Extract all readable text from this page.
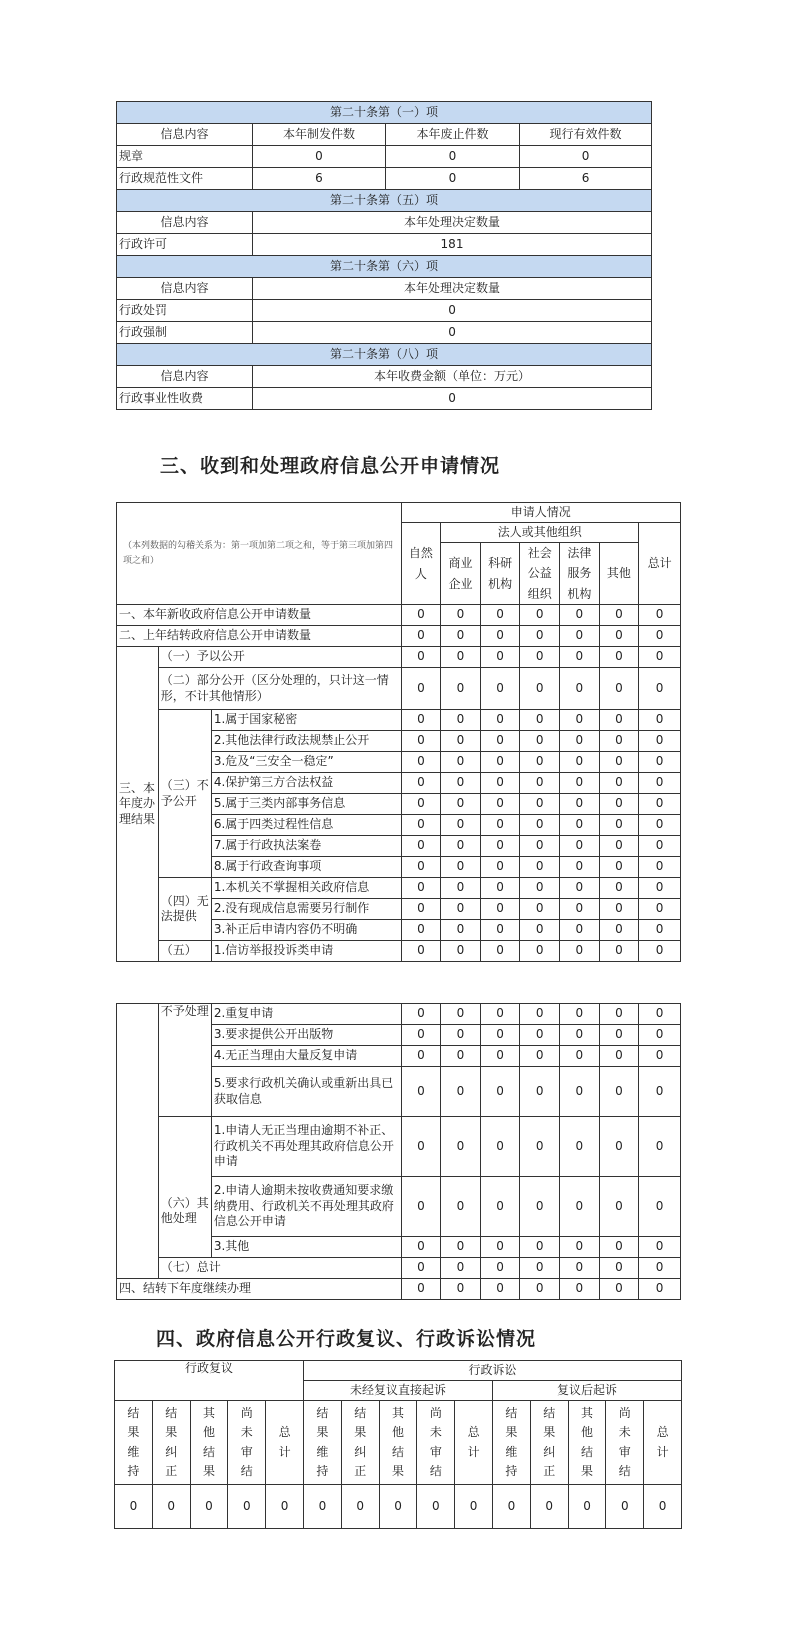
第二十条第（一）项			
信息内容	本年制发件数	本年废止件数	现行有效件数
规章	0	0	0
行政规范性文件	6	0	6
第二十条第（五）项			
信息内容	本年处理决定数量		
行政许可	181		
第二十条第（六）项			
信息内容	本年处理决定数量		
行政处罚	0		
行政强制	0		
第二十条第（八）项			
信息内容	本年收费金额（单位：万元）		
行政事业性收费	0		
三、收到和处理政府信息公开申请情况
（本列数据的勾稽关系为：第一项加第二项之和，等于第三项加第四项之和）			申请人情况						
			自然人	法人或其他组织					总计
				商业企业	科研机构	社会公益组织	法律服务机构	其他	
一、本年新收政府信息公开申请数量			0	0	0	0	0	0	0
二、上年结转政府信息公开申请数量			0	0	0	0	0	0	0
三、本年度办理结果	（一）予以公开		0	0	0	0	0	0	0
	（二）部分公开（区分处理的，只计这一情形，不计其他情形）		0	0	0	0	0	0	0
	（三）不予公开	1.属于国家秘密	0	0	0	0	0	0	0
		2.其他法律行政法规禁止公开	0	0	0	0	0	0	0
		3.危及“三安全一稳定”	0	0	0	0	0	0	0
		4.保护第三方合法权益	0	0	0	0	0	0	0
		5.属于三类内部事务信息	0	0	0	0	0	0	0
		6.属于四类过程性信息	0	0	0	0	0	0	0
		7.属于行政执法案卷	0	0	0	0	0	0	0
		8.属于行政查询事项	0	0	0	0	0	0	0
	（四）无法提供	1.本机关不掌握相关政府信息	0	0	0	0	0	0	0
		2.没有现成信息需要另行制作	0	0	0	0	0	0	0
		3.补正后申请内容仍不明确	0	0	0	0	0	0	0
	（五）	1.信访举报投诉类申请	0	0	0	0	0	0	0
	不予处理	2.重复申请	0	0	0	0	0	0	0
		3.要求提供公开出版物	0	0	0	0	0	0	0
		4.无正当理由大量反复申请	0	0	0	0	0	0	0
		5.要求行政机关确认或重新出具已获取信息	0	0	0	0	0	0	0
	（六）其他处理	1.申请人无正当理由逾期不补正、行政机关不再处理其政府信息公开申请	0	0	0	0	0	0	0
		2.申请人逾期未按收费通知要求缴纳费用、行政机关不再处理其政府信息公开申请	0	0	0	0	0	0	0
		3.其他	0	0	0	0	0	0	0
	（七）总计		0	0	0	0	0	0	0
四、结转下年度继续办理			0	0	0	0	0	0	0
四、政府信息公开行政复议、行政诉讼情况
行政复议					行政诉讼									
					未经复议直接起诉					复议后起诉				
结果维持	结果纠正	其他结果	尚未审结	总计	结果维持	结果纠正	其他结果	尚未审结	总计	结果维持	结果纠正	其他结果	尚未审结	总计
0	0	0	0	0	0	0	0	0	0	0	0	0	0	0
